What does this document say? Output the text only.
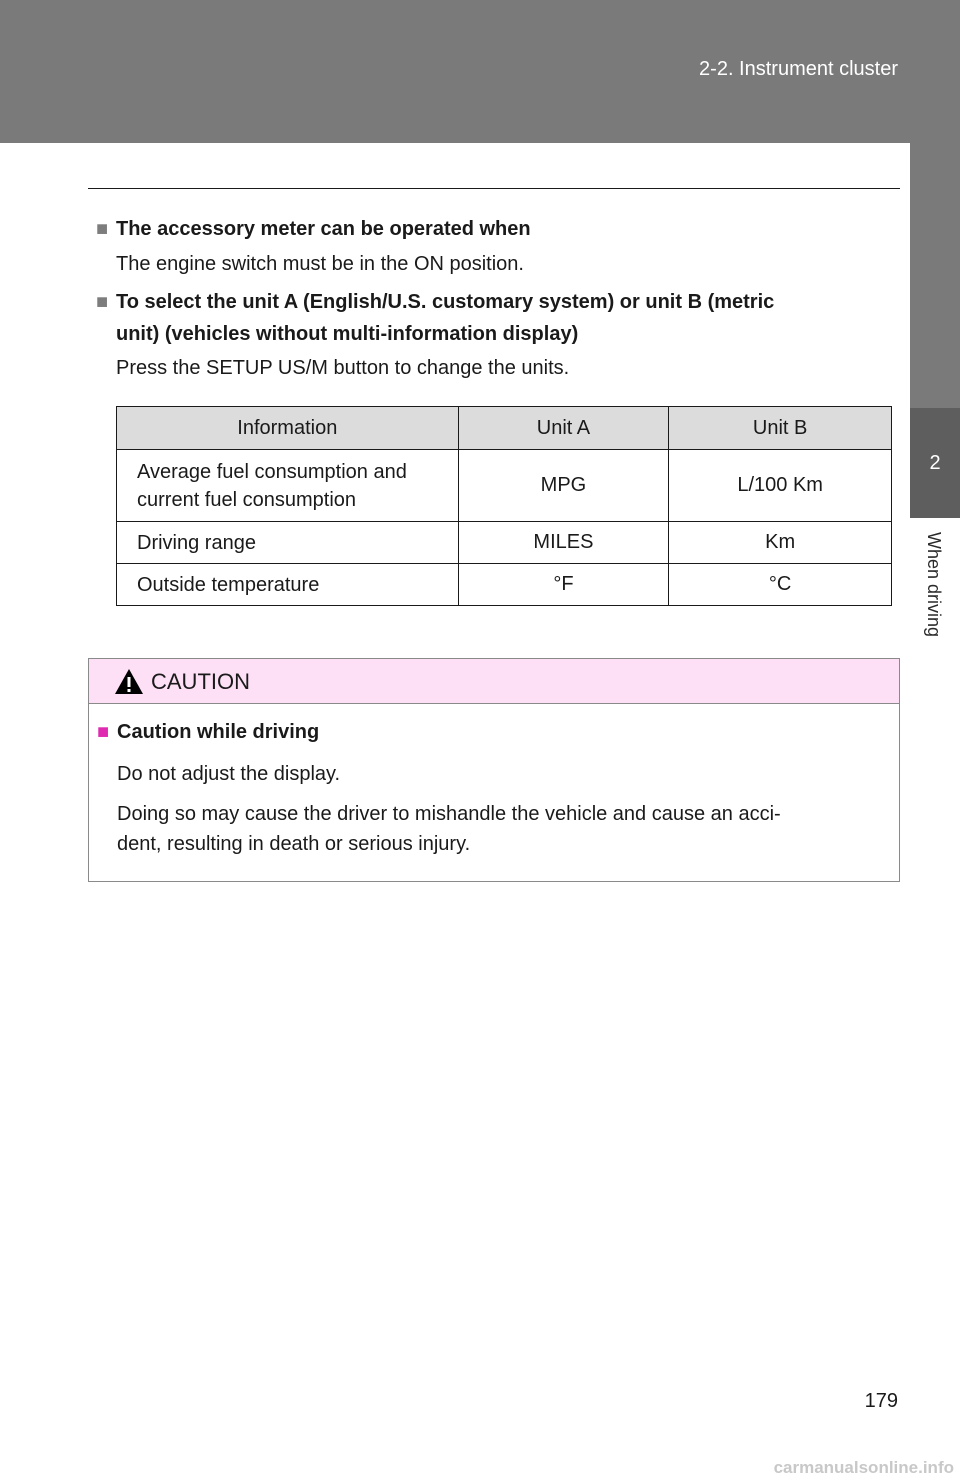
2-2. Instrument cluster
2
When driving
■ The accessory meter can be operated when
The engine switch must be in the ON position.
■ To select the unit A (English/U.S. customary system) or unit B (metric
unit) (vehicles without multi-information display)
Press the SETUP US/M button to change the units.
Information	Unit A	Unit B

Average fuel consumption and
current fuel consumption	MPG	L/100 Km
Driving range	MILES	Km
Outside temperature	°F	°C
CAUTION
■ Caution while driving
Do not adjust the display.
Doing so may cause the driver to mishandle the vehicle and cause an acci-
dent, resulting in death or serious injury.
179
carmanualsonline.info
